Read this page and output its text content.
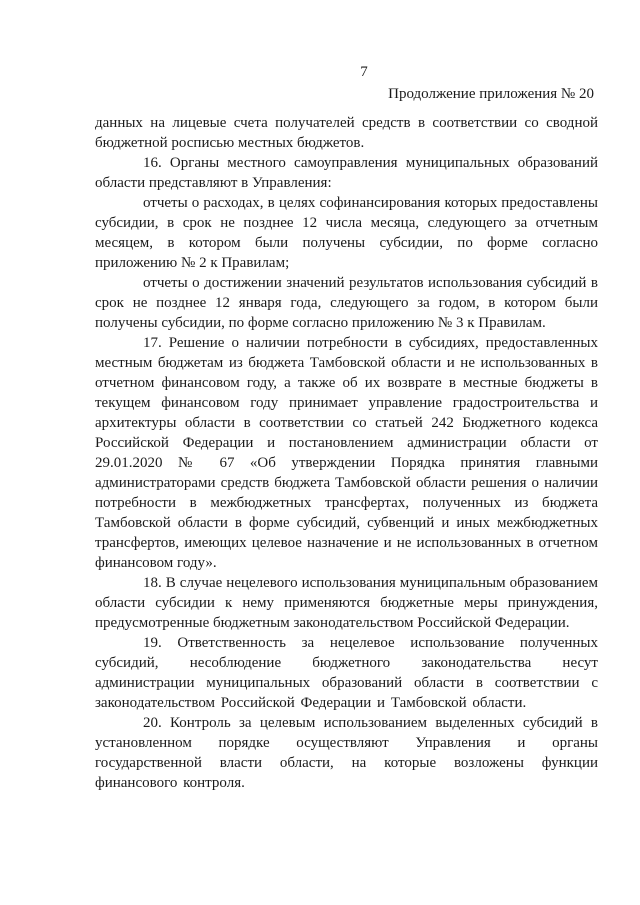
7
Продолжение приложения № 20

данных на лицевые счета получателей средств в соответствии со сводной бюджетной росписью местных бюджетов.

16. Органы местного самоуправления муниципальных образований области представляют в Управления:

отчеты о расходах, в целях софинансирования которых предоставлены субсидии, в срок не позднее 12 числа месяца, следующего за отчетным месяцем, в котором были получены субсидии, по форме согласно приложению № 2 к Правилам;

отчеты о достижении значений результатов использования субсидий в срок не позднее 12 января года, следующего за годом, в котором были получены субсидии, по форме согласно приложению № 3 к Правилам.

17. Решение о наличии потребности в субсидиях, предоставленных местным бюджетам из бюджета Тамбовской области и не использованных в отчетном финансовом году, а также об их возврате в местные бюджеты в текущем финансовом году принимает управление градостроительства и архитектуры области в соответствии со статьей 242 Бюджетного кодекса Российской Федерации и постановлением администрации области от 29.01.2020 № 67 «Об утверждении Порядка принятия главными администраторами средств бюджета Тамбовской области решения о наличии потребности в межбюджетных трансфертах, полученных из бюджета Тамбовской области в форме субсидий, субвенций и иных межбюджетных трансфертов, имеющих целевое назначение и не использованных в отчетном финансовом году».

18. В случае нецелевого использования муниципальным образованием области субсидии к нему применяются бюджетные меры принуждения, предусмотренные бюджетным законодательством Российской Федерации.

19. Ответственность за нецелевое использование полученных субсидий, несоблюдение бюджетного законодательства несут администрации муниципальных образований области в соответствии с законодательством Российской Федерации и Тамбовской области.

20. Контроль за целевым использованием выделенных субсидий в установленном порядке осуществляют Управления и органы государственной власти области, на которые возложены функции финансового контроля.
